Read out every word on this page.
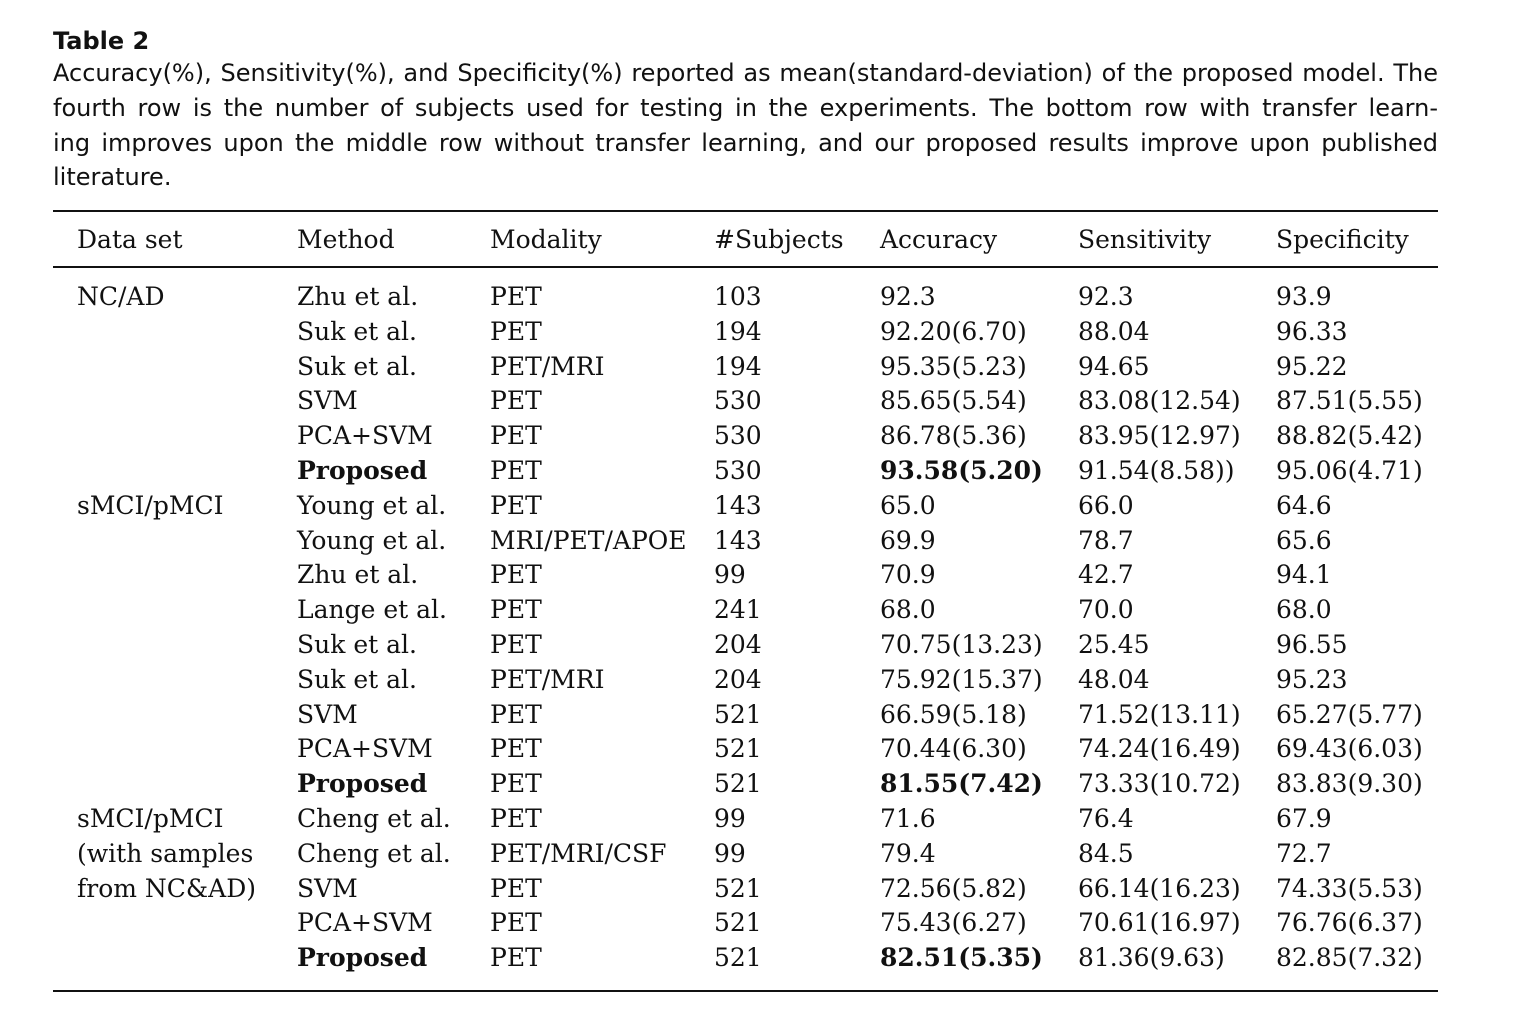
Table 2

Accuracy(%), Sensitivity(%), and Specificity(%) reported as mean(standard-deviation) of the proposed model. The
fourth row is the number of subjects used for testing in the experiments. The bottom row with transfer learn-
ing improves upon the middle row without transfer learning, and our proposed results improve upon published
literature.

Data set	Method	Modality	#Subjects	Accuracy	Sensitivity	Specificity
NC/AD	Zhu et al.	PET	103	92.3	92.3	93.9
	Suk et al.	PET	194	92.20(6.70)	88.04	96.33
	Suk et al.	PET/MRI	194	95.35(5.23)	94.65	95.22
	SVM	PET	530	85.65(5.54)	83.08(12.54)	87.51(5.55)
	PCA+SVM	PET	530	86.78(5.36)	83.95(12.97)	88.82(5.42)
	Proposed	PET	530	93.58(5.20)	91.54(8.58))	95.06(4.71)
sMCI/pMCI	Young et al.	PET	143	65.0	66.0	64.6
	Young et al.	MRI/PET/APOE	143	69.9	78.7	65.6
	Zhu et al.	PET	99	70.9	42.7	94.1
	Lange et al.	PET	241	68.0	70.0	68.0
	Suk et al.	PET	204	70.75(13.23)	25.45	96.55
	Suk et al.	PET/MRI	204	75.92(15.37)	48.04	95.23
	SVM	PET	521	66.59(5.18)	71.52(13.11)	65.27(5.77)
	PCA+SVM	PET	521	70.44(6.30)	74.24(16.49)	69.43(6.03)
	Proposed	PET	521	81.55(7.42)	73.33(10.72)	83.83(9.30)
sMCI/pMCI	Cheng et al.	PET	99	71.6	76.4	67.9
(with samples	Cheng et al.	PET/MRI/CSF	99	79.4	84.5	72.7
from NC&AD)	SVM	PET	521	72.56(5.82)	66.14(16.23)	74.33(5.53)
	PCA+SVM	PET	521	75.43(6.27)	70.61(16.97)	76.76(6.37)
	Proposed	PET	521	82.51(5.35)	81.36(9.63)	82.85(7.32)
